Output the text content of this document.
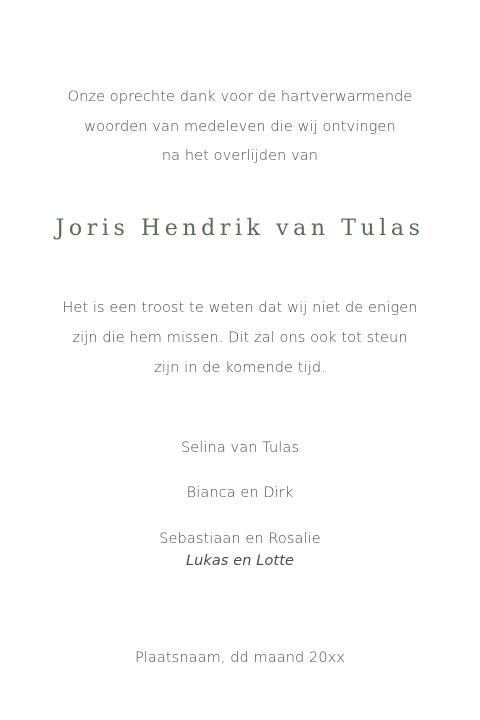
Onze oprechte dank voor de hartverwarmende
woorden van medeleven die wij ontvingen
na het overlijden van
Joris Hendrik van Tulas
Het is een troost te weten dat wij niet de enigen
zijn die hem missen. Dit zal ons ook tot steun
zijn in de komende tijd.
Selina van Tulas
Bianca en Dirk
Sebastiaan en Rosalie
Lukas en Lotte
Plaatsnaam, dd maand 20xx
